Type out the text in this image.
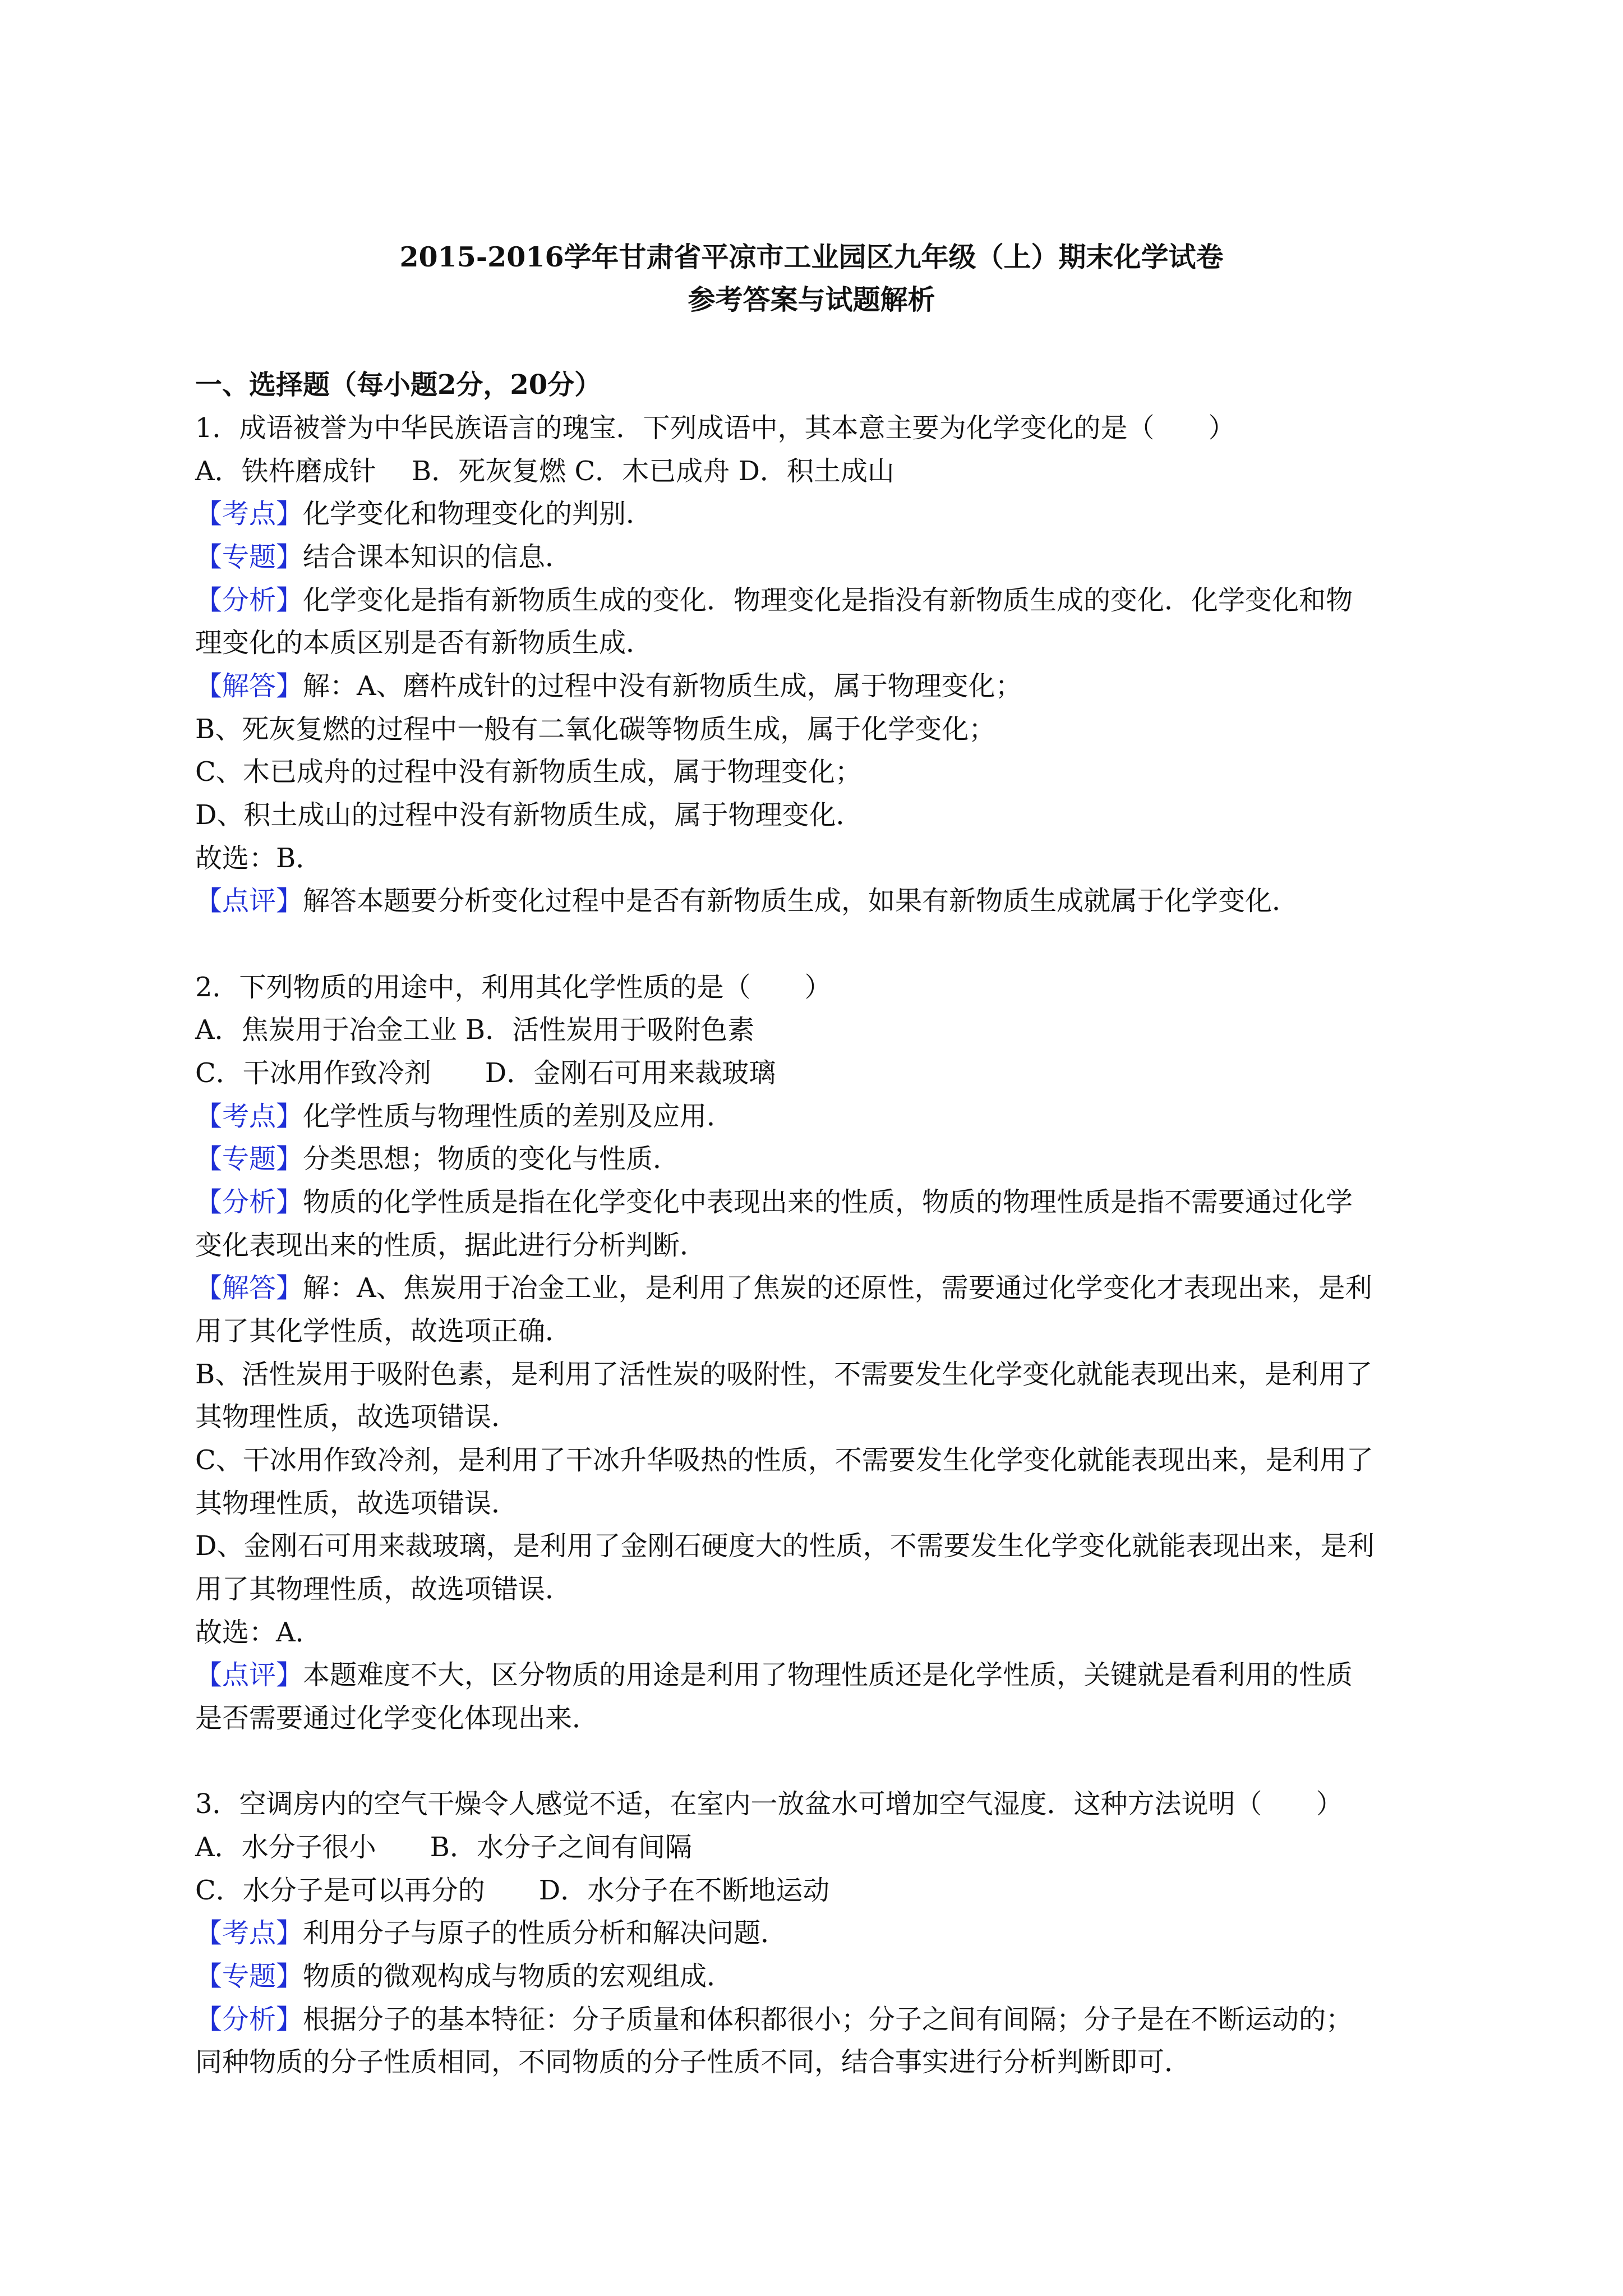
2015-2016学年甘肃省平凉市工业园区九年级（上）期末化学试卷
参考答案与试题解析
一、选择题（每小题2分，20分）
1．成语被誉为中华民族语言的瑰宝．下列成语中，其本意主要为化学变化的是（　　）
A．铁杵磨成针　 B．死灰复燃 C．木已成舟 D．积土成山
【考点】化学变化和物理变化的判别．
【专题】结合课本知识的信息．
【分析】化学变化是指有新物质生成的变化．物理变化是指没有新物质生成的变化．化学变化和物
理变化的本质区别是否有新物质生成．
【解答】解：A、磨杵成针的过程中没有新物质生成，属于物理变化；
B、死灰复燃的过程中一般有二氧化碳等物质生成，属于化学变化；
C、木已成舟的过程中没有新物质生成，属于物理变化；
D、积土成山的过程中没有新物质生成，属于物理变化．
故选：B．
【点评】解答本题要分析变化过程中是否有新物质生成，如果有新物质生成就属于化学变化．
2．下列物质的用途中，利用其化学性质的是（　　）
A．焦炭用于冶金工业 B．活性炭用于吸附色素
C．干冰用作致冷剂　　D．金刚石可用来裁玻璃
【考点】化学性质与物理性质的差别及应用．
【专题】分类思想；物质的变化与性质．
【分析】物质的化学性质是指在化学变化中表现出来的性质，物质的物理性质是指不需要通过化学
变化表现出来的性质，据此进行分析判断．
【解答】解：A、焦炭用于冶金工业，是利用了焦炭的还原性，需要通过化学变化才表现出来，是利
用了其化学性质，故选项正确．
B、活性炭用于吸附色素，是利用了活性炭的吸附性，不需要发生化学变化就能表现出来，是利用了
其物理性质，故选项错误．
C、干冰用作致冷剂，是利用了干冰升华吸热的性质，不需要发生化学变化就能表现出来，是利用了
其物理性质，故选项错误．
D、金刚石可用来裁玻璃，是利用了金刚石硬度大的性质，不需要发生化学变化就能表现出来，是利
用了其物理性质，故选项错误．
故选：A．
【点评】本题难度不大，区分物质的用途是利用了物理性质还是化学性质，关键就是看利用的性质
是否需要通过化学变化体现出来．
3．空调房内的空气干燥令人感觉不适，在室内一放盆水可增加空气湿度．这种方法说明（　　）
A．水分子很小　　B．水分子之间有间隔
C．水分子是可以再分的　　D．水分子在不断地运动
【考点】利用分子与原子的性质分析和解决问题．
【专题】物质的微观构成与物质的宏观组成．
【分析】根据分子的基本特征：分子质量和体积都很小；分子之间有间隔；分子是在不断运动的；
同种物质的分子性质相同，不同物质的分子性质不同，结合事实进行分析判断即可．
